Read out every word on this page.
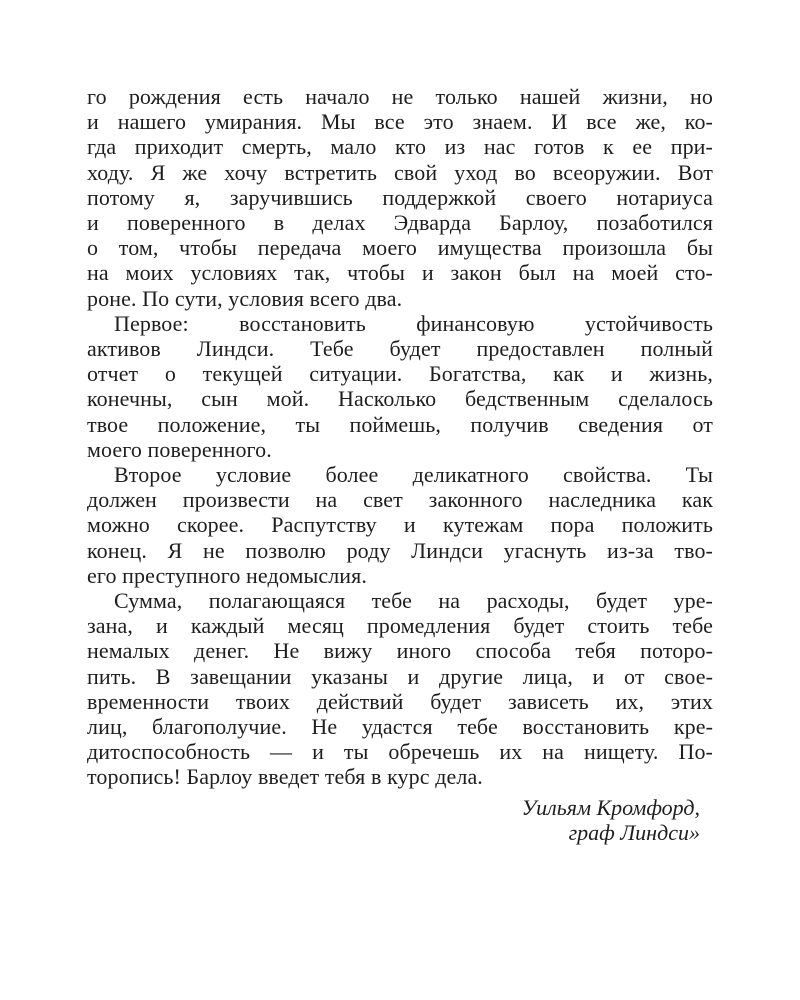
го рождения есть начало не только нашей жизни, но
и нашего умирания. Мы все это знаем. И все же, ко-
гда приходит смерть, мало кто из нас готов к ее при-
ходу. Я же хочу встретить свой уход во всеоружии. Вот
потому я, заручившись поддержкой своего нотариуса
и поверенного в делах Эдварда Барлоу, позаботился
о том, чтобы передача моего имущества произошла бы
на моих условиях так, чтобы и закон был на моей сто-
роне. По сути, условия всего два.
Первое: восстановить финансовую устойчивость
активов Линдси. Тебе будет предоставлен полный
отчет о текущей ситуации. Богатства, как и жизнь,
конечны, сын мой. Насколько бедственным сделалось
твое положение, ты поймешь, получив сведения от
моего поверенного.
Второе условие более деликатного свойства. Ты
должен произвести на свет законного наследника как
можно скорее. Распутству и кутежам пора положить
конец. Я не позволю роду Линдси угаснуть из-за тво-
его преступного недомыслия.
Сумма, полагающаяся тебе на расходы, будет уре-
зана, и каждый месяц промедления будет стоить тебе
немалых денег. Не вижу иного способа тебя поторо-
пить. В завещании указаны и другие лица, и от свое-
временности твоих действий будет зависеть их, этих
лиц, благополучие. Не удастся тебе восстановить кре-
дитоспособность — и ты обречешь их на нищету. По-
торопись! Барлоу введет тебя в курс дела.
Уильям Кромфорд,
граф Линдси»
